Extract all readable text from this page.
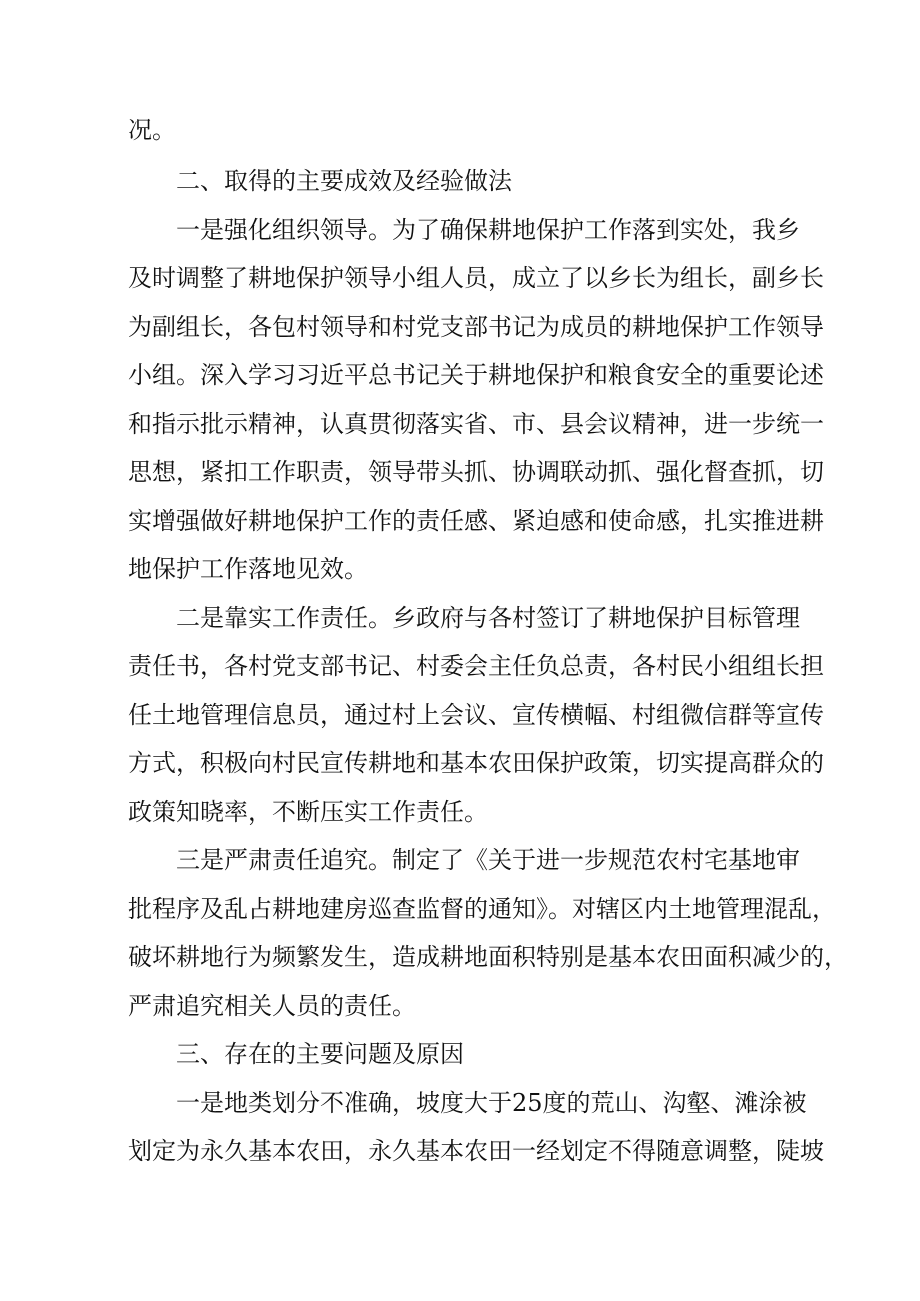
况。
二、取得的主要成效及经验做法
一是强化组织领导。为了确保耕地保护工作落到实处，我乡
及时调整了耕地保护领导小组人员，成立了以乡长为组长，副乡长
为副组长，各包村领导和村党支部书记为成员的耕地保护工作领导
小组。深入学习习近平总书记关于耕地保护和粮食安全的重要论述
和指示批示精神，认真贯彻落实省、市、县会议精神，进一步统一
思想，紧扣工作职责，领导带头抓、协调联动抓、强化督查抓，切
实增强做好耕地保护工作的责任感、紧迫感和使命感，扎实推进耕
地保护工作落地见效。
二是靠实工作责任。乡政府与各村签订了耕地保护目标管理
责任书，各村党支部书记、村委会主任负总责，各村民小组组长担
任土地管理信息员，通过村上会议、宣传横幅、村组微信群等宣传
方式，积极向村民宣传耕地和基本农田保护政策，切实提高群众的
政策知晓率，不断压实工作责任。
三是严肃责任追究。制定了《关于进一步规范农村宅基地审
批程序及乱占耕地建房巡查监督的通知》。对辖区内土地管理混乱，
破坏耕地行为频繁发生，造成耕地面积特别是基本农田面积减少的，
严肃追究相关人员的责任。
三、存在的主要问题及原因
一是地类划分不准确，坡度大于25度的荒山、沟壑、滩涂被
划定为永久基本农田，永久基本农田一经划定不得随意调整，陡坡
